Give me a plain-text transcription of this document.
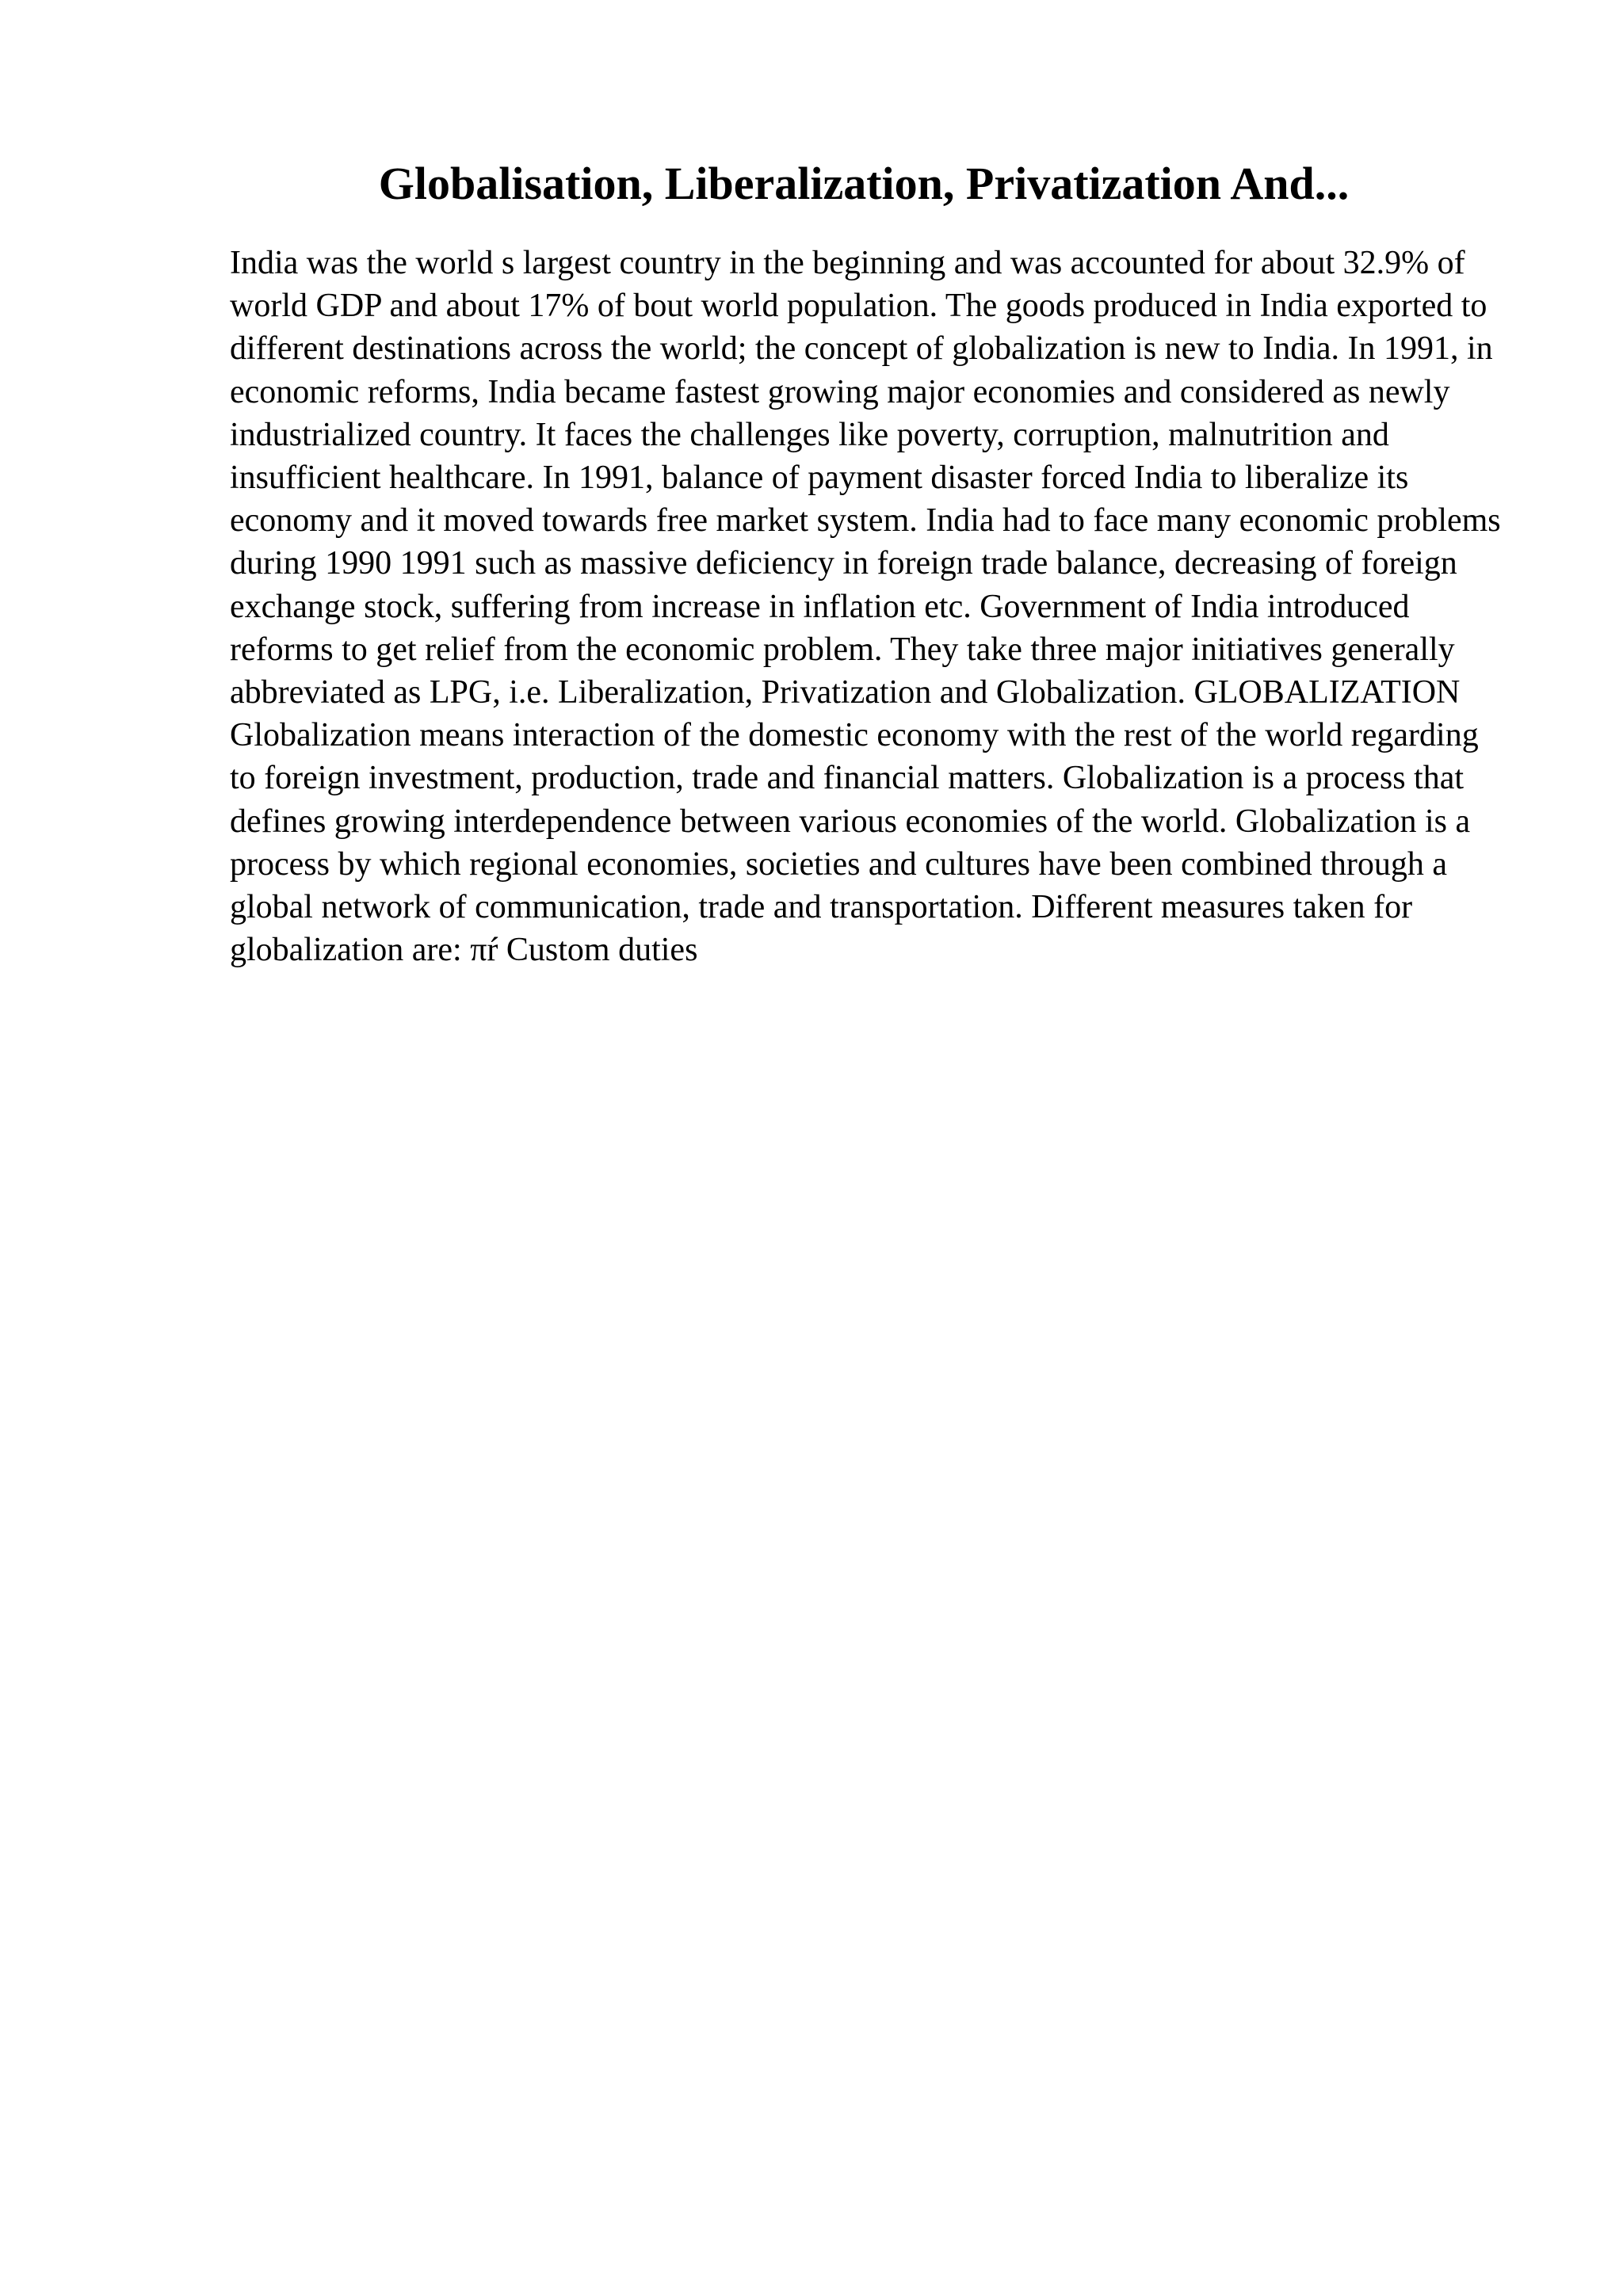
Globalisation, Liberalization, Privatization And...

India was the world s largest country in the beginning and was accounted for about 32.9% of world GDP and about 17% of bout world population. The goods produced in India exported to different destinations across the world; the concept of globalization is new to India. In 1991, in economic reforms, India became fastest growing major economies and considered as newly industrialized country. It faces the challenges like poverty, corruption, malnutrition and insufficient healthcare. In 1991, balance of payment disaster forced India to liberalize its economy and it moved towards free market system. India had to face many economic problems during 1990 1991 such as massive deficiency in foreign trade balance, decreasing of foreign exchange stock, suffering from increase in inflation etc. Government of India introduced reforms to get relief from the economic problem. They take three major initiatives generally abbreviated as LPG, i.e. Liberalization, Privatization and Globalization. GLOBALIZATION Globalization means interaction of the domestic economy with the rest of the world regarding to foreign investment, production, trade and financial matters. Globalization is a process that defines growing interdependence between various economies of the world. Globalization is a process by which regional economies, societies and cultures have been combined through a global network of communication, trade and transportation. Different measures taken for globalization are: πŕ Custom duties
